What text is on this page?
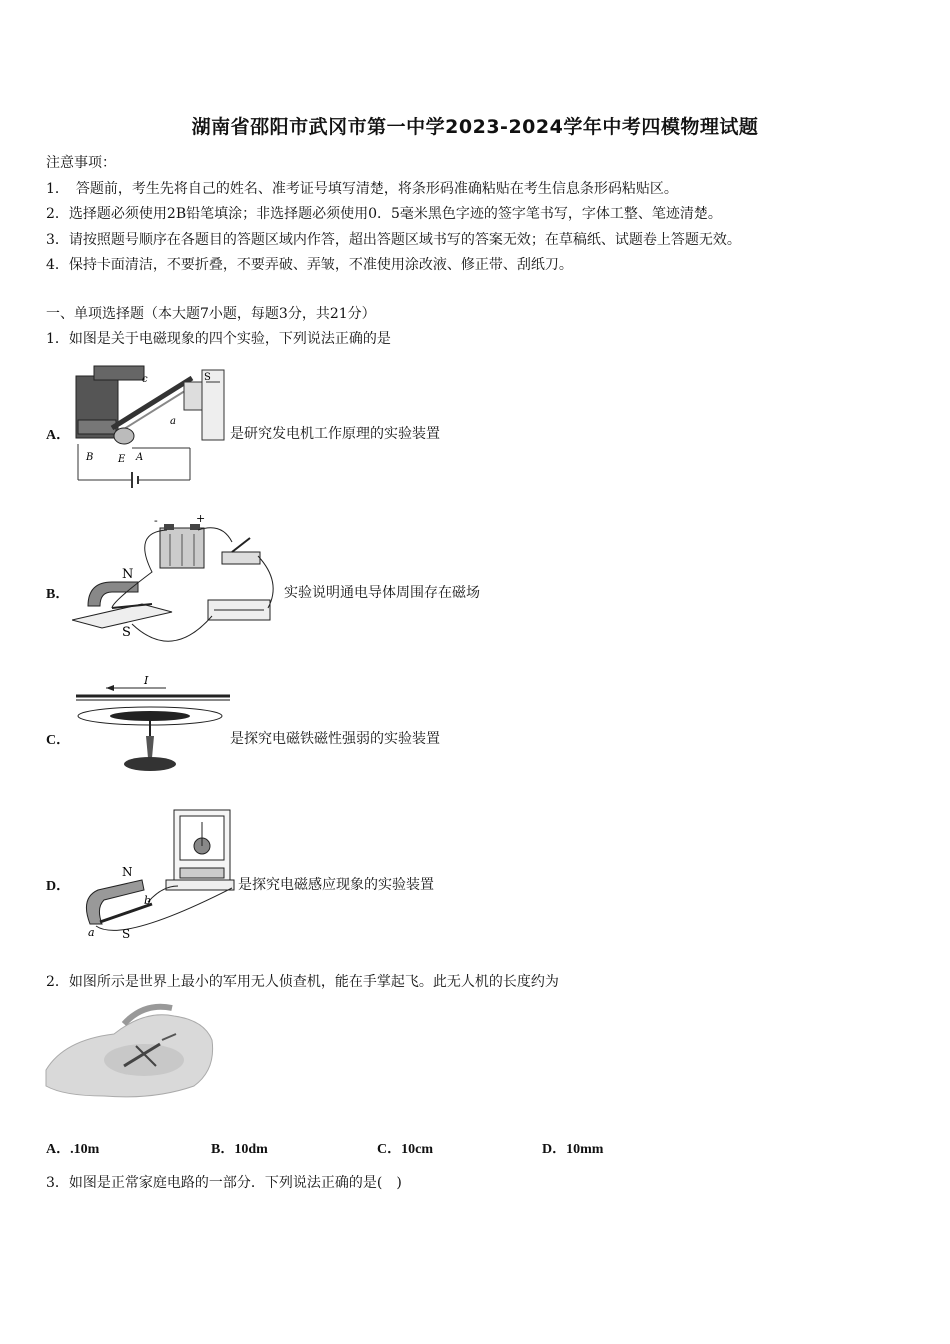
湖南省邵阳市武冈市第一中学2023-2024学年中考四模物理试题
注意事项：
1．　答题前，考生先将自己的姓名、准考证号填写清楚，将条形码准确粘贴在考生信息条形码粘贴区。
2．选择题必须使用2B铅笔填涂；非选择题必须使用0．5毫米黑色字迹的签字笔书写，字体工整、笔迹清楚。
3．请按照题号顺序在各题目的答题区域内作答，超出答题区域书写的答案无效；在草稿纸、试题卷上答题无效。
4．保持卡面清洁，不要折叠，不要弄破、弄皱，不准使用涂改液、修正带、刮纸刀。
一、单项选择题（本大题7小题，每题3分，共21分）
1．如图是关于电磁现象的四个实验，下列说法正确的是
A．
B E A
c
a
S
是研究发电机工作原理的实验装置
B．
N
S
-	+
实验说明通电导体周围存在磁场
C．
I
是探究电磁铁磁性强弱的实验装置
D．
N
S
a
b
是探究电磁感应现象的实验装置
2．如图所示是世界上最小的军用无人侦查机，能在手掌起飞。此无人机的长度约为
A．.10m	B．10dm	C．10cm	D．10mm
3．如图是正常家庭电路的一部分．下列说法正确的是(　)
